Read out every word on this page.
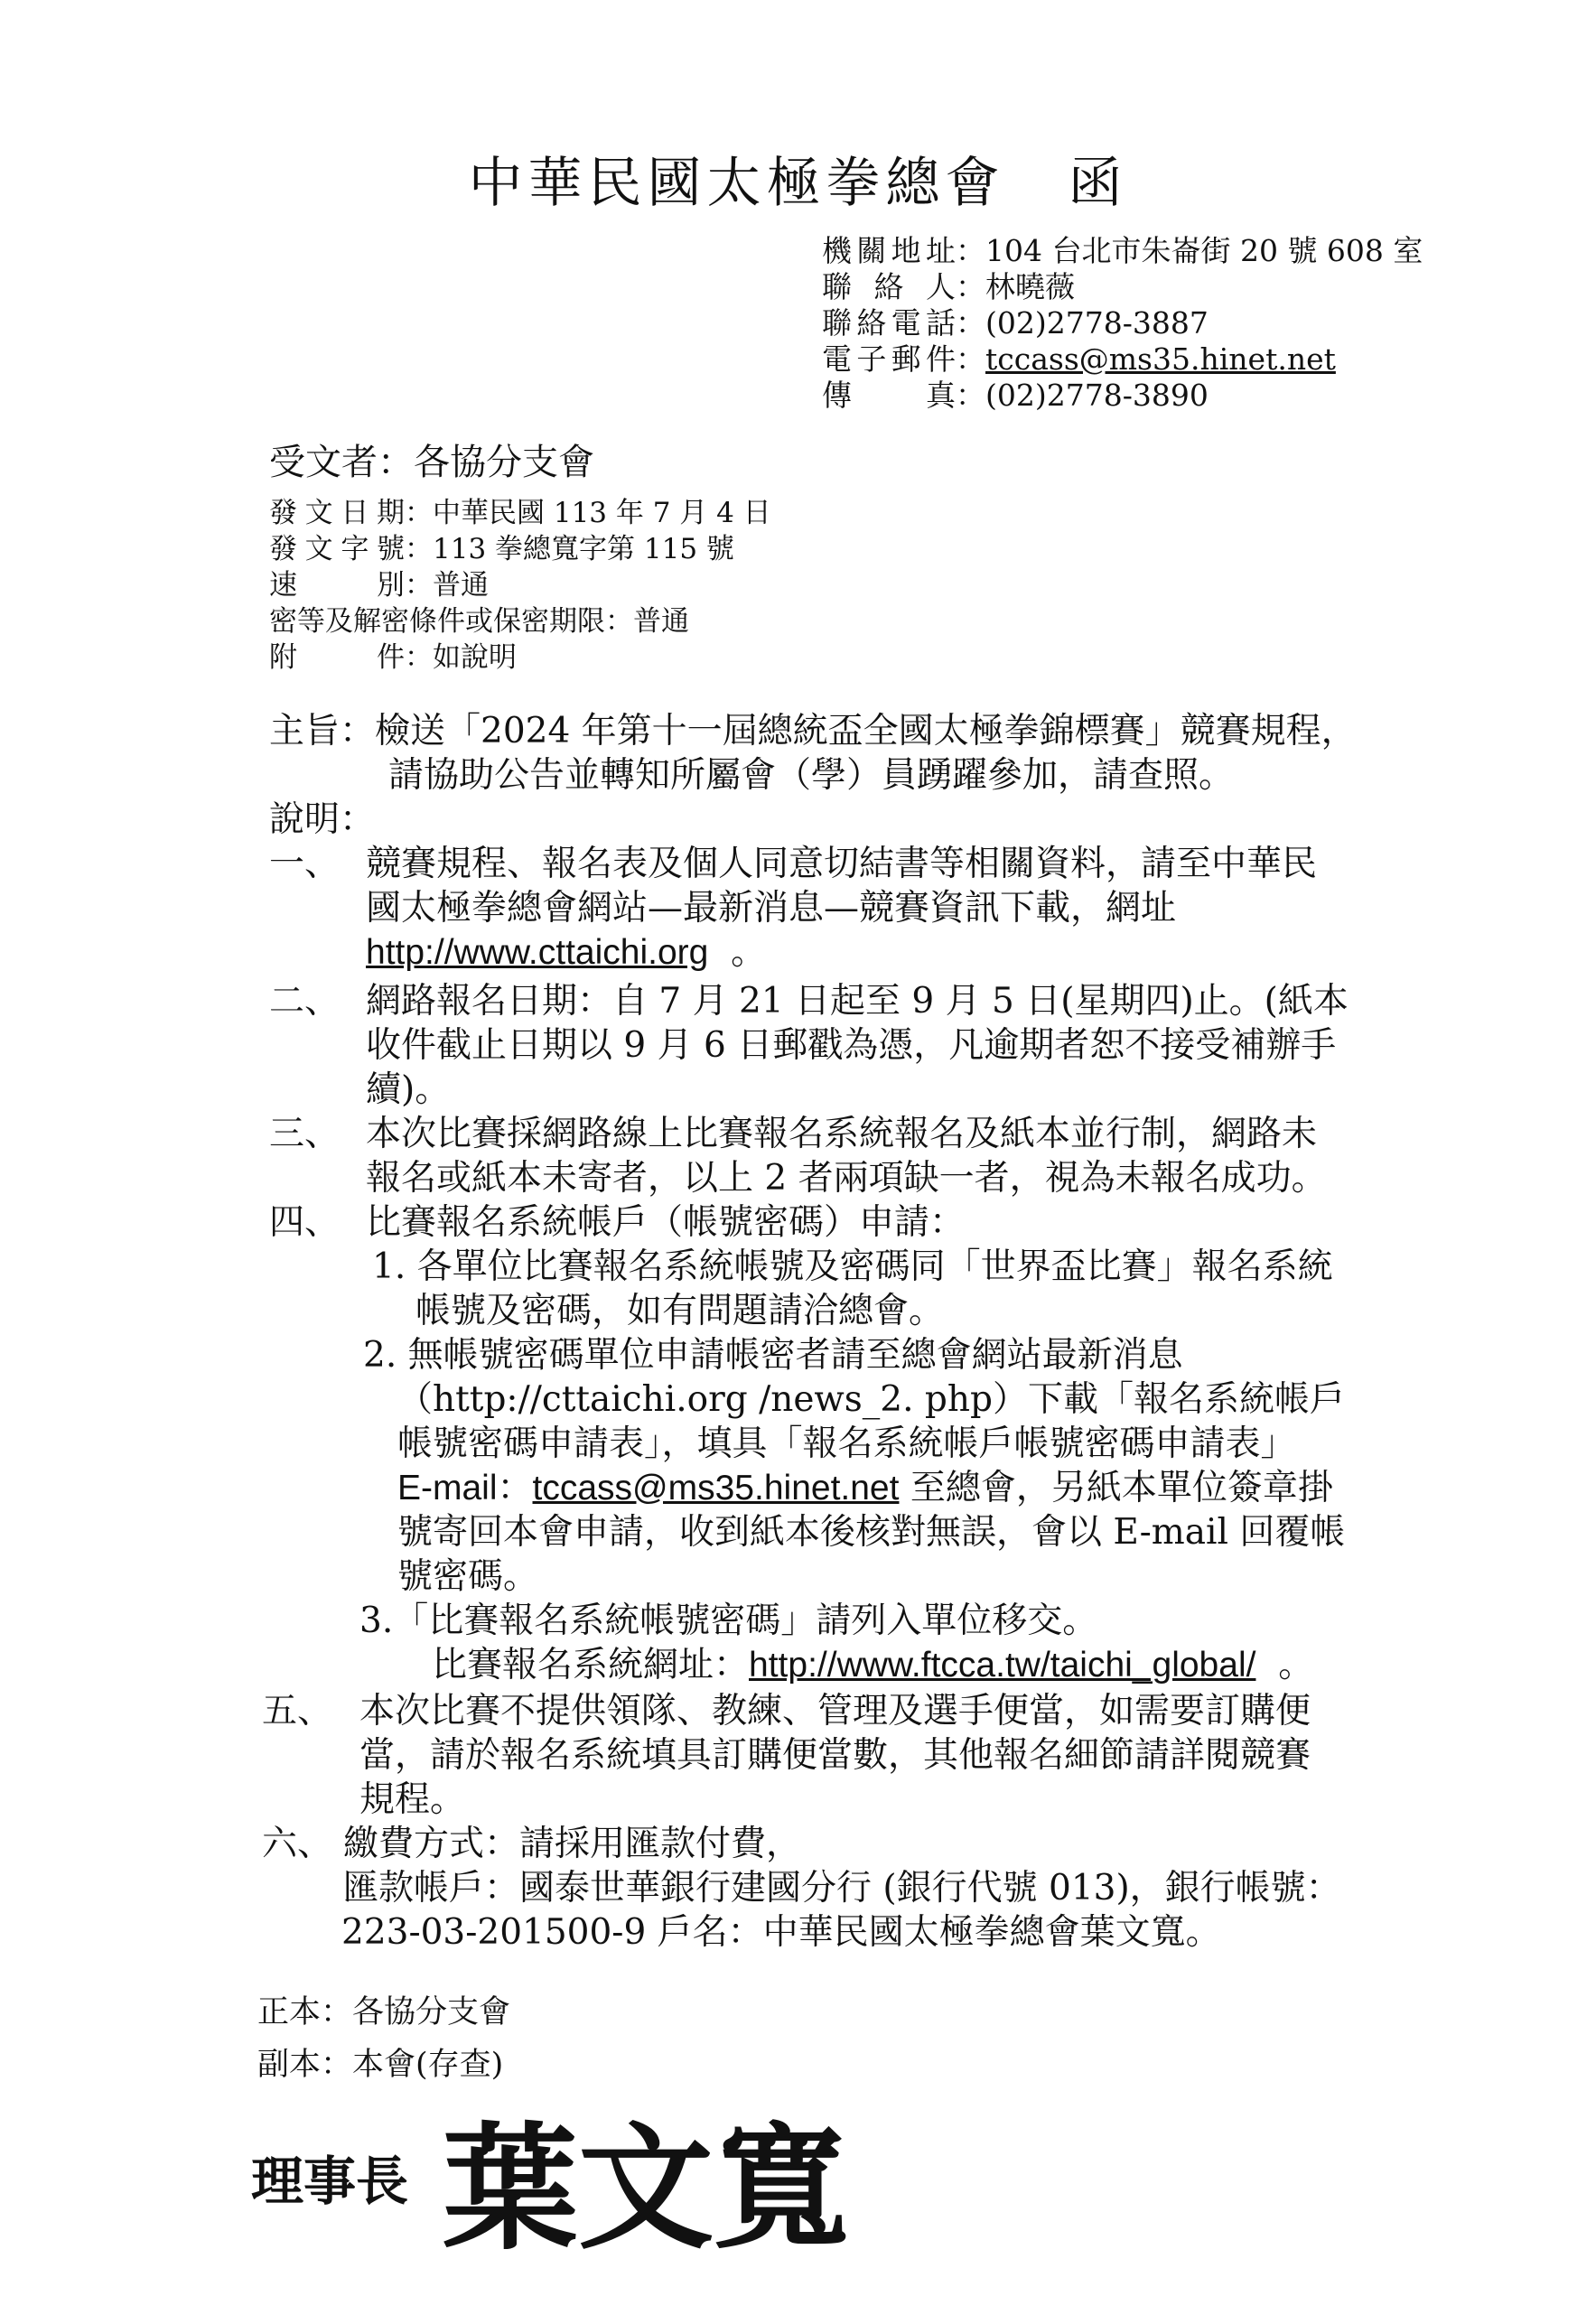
中華民國太極拳總會 函
機關地址：104 台北市朱崙街 20 號 608 室
聯 絡 人：林曉薇
聯絡電話：(02)2778-3887
電子郵件：tccass@ms35.hinet.net
傳 真：(02)2778-3890
受文者：各協分支會
發文日期：中華民國 113 年 7 月 4 日
發文字號：113 拳總寬字第 115 號
速 別：普通
密等及解密條件或保密期限：普通
附 件：如說明
主旨：檢送「2024 年第十一屆總統盃全國太極拳錦標賽」競賽規程，
請協助公告並轉知所屬會（學）員踴躍參加，請查照。
說明：
一、 競賽規程、報名表及個人同意切結書等相關資料，請至中華民
國太極拳總會網站—最新消息—競賽資訊下載，網址
http://www.cttaichi.org 。
二、 網路報名日期：自 7 月 21 日起至 9 月 5 日(星期四)止。(紙本
收件截止日期以 9 月 6 日郵戳為憑，凡逾期者恕不接受補辦手
續)。
三、 本次比賽採網路線上比賽報名系統報名及紙本並行制，網路未
報名或紙本未寄者，以上 2 者兩項缺一者，視為未報名成功。
四、 比賽報名系統帳戶（帳號密碼）申請：
1. 各單位比賽報名系統帳號及密碼同「世界盃比賽」報名系統
帳號及密碼，如有問題請洽總會。
2. 無帳號密碼單位申請帳密者請至總會網站最新消息
（http://cttaichi.org /news_2. php）下載「報名系統帳戶
帳號密碼申請表」，填具「報名系統帳戶帳號密碼申請表」
E-mail：tccass@ms35.hinet.net 至總會，另紙本單位簽章掛
號寄回本會申請，收到紙本後核對無誤，會以 E-mail 回覆帳
號密碼。
3.「比賽報名系統帳號密碼」請列入單位移交。
比賽報名系統網址：http://www.ftcca.tw/taichi_global/ 。
五、 本次比賽不提供領隊、教練、管理及選手便當，如需要訂購便
當，請於報名系統填具訂購便當數，其他報名細節請詳閱競賽
規程。
六、 繳費方式：請採用匯款付費，
匯款帳戶：國泰世華銀行建國分行 (銀行代號 013)，銀行帳號：
223-03-201500-9 戶名：中華民國太極拳總會葉文寬。
正本：各協分支會
副本：本會(存查)
理事長 葉文寬
